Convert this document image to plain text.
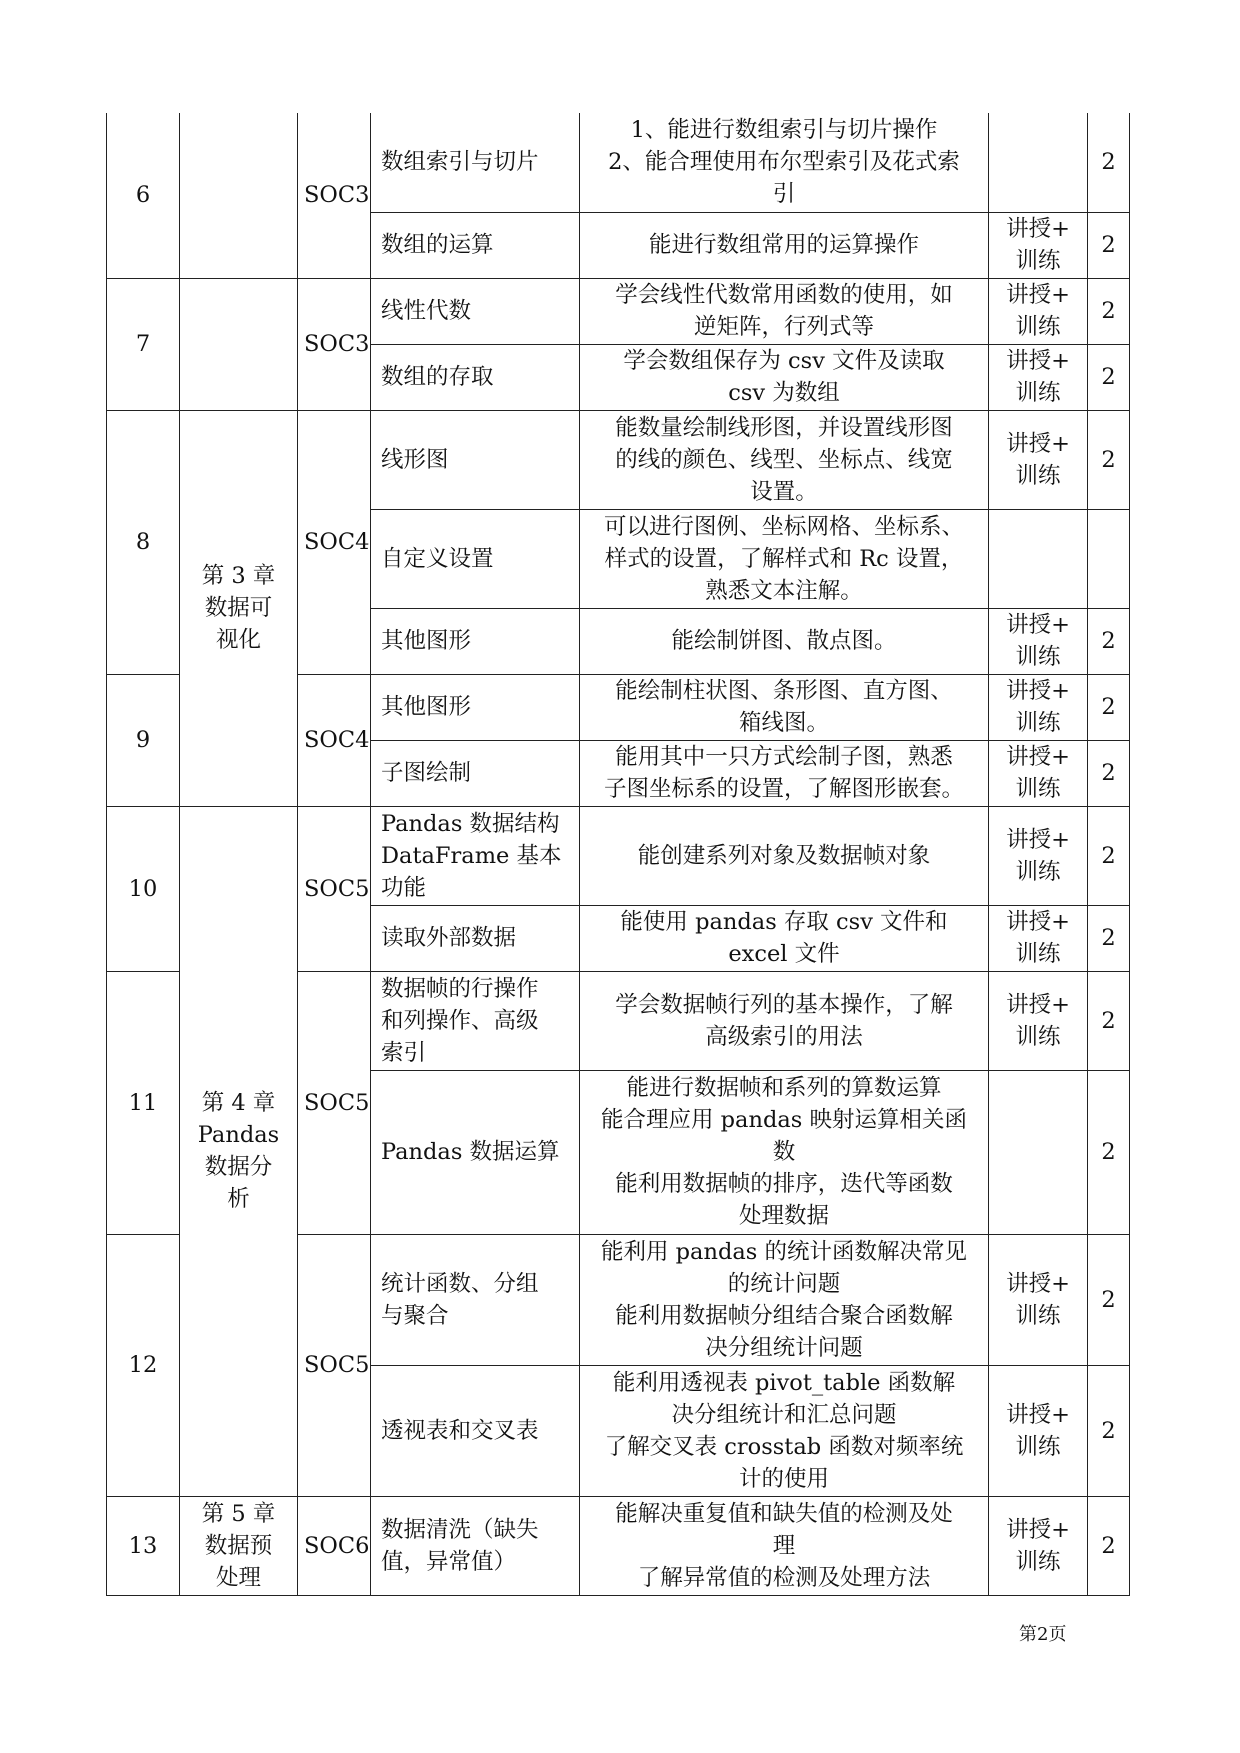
6		SOC3	数组索引与切片	1、能进行数组索引与切片操作
2、能合理使用布尔型索引及花式索
引		2
			数组的运算	能进行数组常用的运算操作	讲授+
训练	2
7		SOC3	线性代数	学会线性代数常用函数的使用，如
逆矩阵，行列式等	讲授+
训练	2
			数组的存取	学会数组保存为 csv 文件及读取
csv 为数组	讲授+
训练	2
8	第 3 章
数据可
视化	SOC4	线形图	能数量绘制线形图，并设置线形图
的线的颜色、线型、坐标点、线宽
设置。	讲授+
训练	2
			自定义设置	可以进行图例、坐标网格、坐标系、
样式的设置，了解样式和 Rc 设置，
熟悉文本注解。		

			其他图形	能绘制饼图、散点图。	讲授+
训练	2
9		SOC4	其他图形	能绘制柱状图、条形图、直方图、
箱线图。	讲授+
训练	2
			子图绘制	能用其中一只方式绘制子图，熟悉
子图坐标系的设置，了解图形嵌套。	讲授+
训练	2
10	第 4 章
Pandas
数据分
析	SOC5	Pandas 数据结构
DataFrame 基本
功能	能创建系列对象及数据帧对象	讲授+
训练	2
			读取外部数据	能使用 pandas 存取 csv 文件和
excel 文件	讲授+
训练	2
11		SOC5	数据帧的行操作
和列操作、高级
索引	学会数据帧行列的基本操作，了解
高级索引的用法	讲授+
训练	2
			Pandas 数据运算	能进行数据帧和系列的算数运算
能合理应用 pandas 映射运算相关函
数
能利用数据帧的排序，迭代等函数
处理数据		2
12		SOC5	统计函数、分组
与聚合	能利用 pandas 的统计函数解决常见
的统计问题
能利用数据帧分组结合聚合函数解
决分组统计问题	讲授+
训练	2
			透视表和交叉表	能利用透视表 pivot_table 函数解
决分组统计和汇总问题
了解交叉表 crosstab 函数对频率统
计的使用	讲授+
训练	2
13	第 5 章
数据预
处理	SOC6	数据清洗（缺失
值，异常值）	能解决重复值和缺失值的检测及处
理
了解异常值的检测及处理方法	讲授+
训练	2
第2页
